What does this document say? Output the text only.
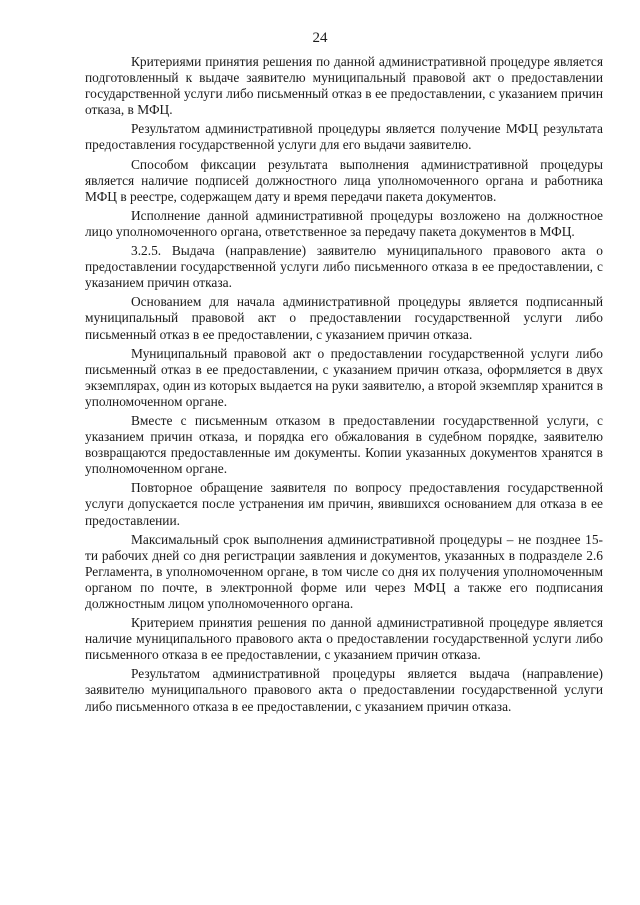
24

Критериями принятия решения по данной административной процедуре является подготовленный к выдаче заявителю муниципальный правовой акт о предоставлении государственной услуги либо письменный отказ в ее предоставлении, с указанием причин отказа, в МФЦ.

Результатом административной процедуры является получение МФЦ результата предоставления государственной услуги для его выдачи заявителю.

Способом фиксации результата выполнения административной процедуры является наличие подписей должностного лица уполномоченного органа и работника МФЦ в реестре, содержащем дату и время передачи пакета документов.

Исполнение данной административной процедуры возложено на должностное лицо уполномоченного органа, ответственное за передачу пакета документов в МФЦ.

3.2.5. Выдача (направление) заявителю муниципального правового акта о предоставлении государственной услуги либо письменного отказа в ее предоставлении, с указанием причин отказа.

Основанием для начала административной процедуры является подписанный муниципальный правовой акт о предоставлении государственной услуги либо письменный отказ в ее предоставлении, с указанием причин отказа.

Муниципальный правовой акт о предоставлении государственной услуги либо письменный отказ в ее предоставлении, с указанием причин отказа, оформляется в двух экземплярах, один из которых выдается на руки заявителю, а второй экземпляр хранится в уполномоченном органе.

Вместе с письменным отказом в предоставлении государственной услуги, с указанием причин отказа, и порядка его обжалования в судебном порядке, заявителю возвращаются предоставленные им документы. Копии указанных документов хранятся в уполномоченном органе.

Повторное обращение заявителя по вопросу предоставления государственной услуги допускается после устранения им причин, явившихся основанием для отказа в ее предоставлении.

Максимальный срок выполнения административной процедуры – не позднее 15-ти рабочих дней со дня регистрации заявления и документов, указанных в подразделе 2.6 Регламента, в уполномоченном органе, в том числе со дня их получения уполномоченным органом по почте, в электронной форме или через МФЦ а также его подписания должностным лицом уполномоченного органа.

Критерием принятия решения по данной административной процедуре является наличие муниципального правового акта о предоставлении государственной услуги либо письменного отказа в ее предоставлении, с указанием причин отказа.

Результатом административной процедуры является выдача (направление) заявителю муниципального правового акта о предоставлении государственной услуги либо письменного отказа в ее предоставлении, с указанием причин отказа.
